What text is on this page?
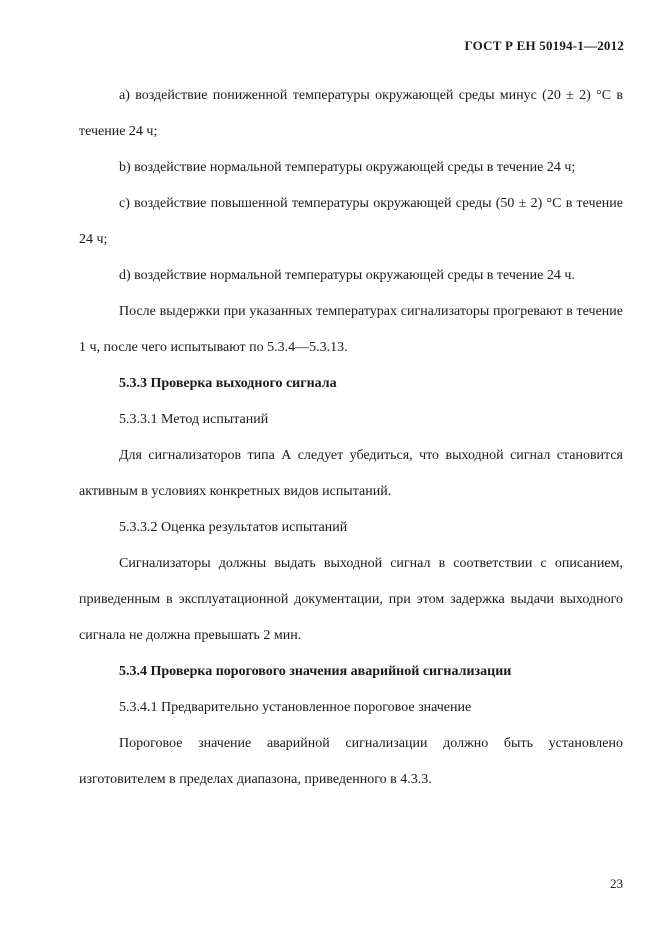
ГОСТ Р ЕН 50194-1—2012

a) воздействие пониженной температуры окружающей среды минус (20 ± 2) °С в течение 24 ч;

b) воздействие нормальной температуры окружающей среды в течение 24 ч;

c) воздействие повышенной температуры окружающей среды (50 ± 2) °С в течение 24 ч;

d) воздействие нормальной температуры окружающей среды в течение 24 ч.

После выдержки при указанных температурах сигнализаторы прогревают в течение 1 ч, после чего испытывают по 5.3.4—5.3.13.

5.3.3 Проверка выходного сигнала

5.3.3.1 Метод испытаний

Для сигнализаторов типа А следует убедиться, что выходной сигнал становится активным в условиях конкретных видов испытаний.

5.3.3.2 Оценка результатов испытаний

Сигнализаторы должны выдать выходной сигнал в соответствии с описанием, приведенным в эксплуатационной документации, при этом задержка выдачи выходного сигнала не должна превышать 2 мин.

5.3.4 Проверка порогового значения аварийной сигнализации

5.3.4.1 Предварительно установленное пороговое значение

Пороговое значение аварийной сигнализации должно быть установлено изготовителем в пределах диапазона, приведенного в 4.3.3.

23
